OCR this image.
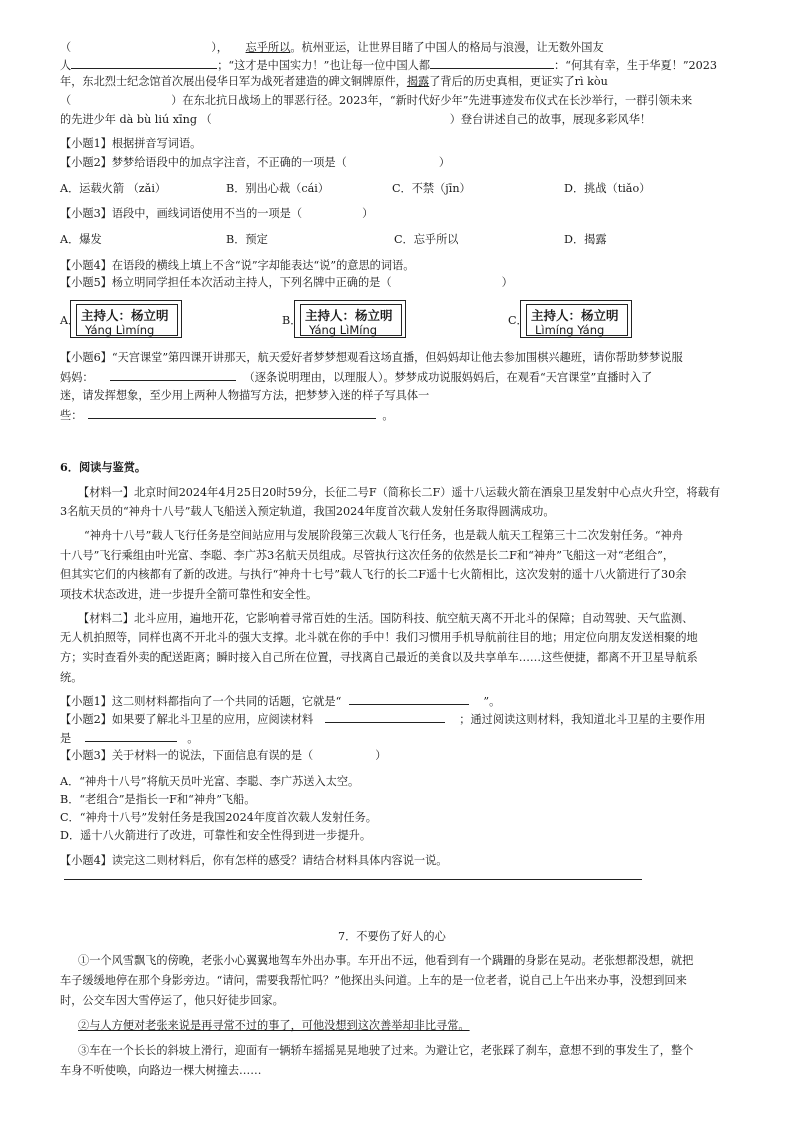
（	）， 忘乎所以。杭州亚运，让世界目睹了中国人的格局与浪漫，让无数外国友
人	；“这才是中国实力！”也让每一位中国人都	：“何其有幸，生于华夏！”2023
年，东北烈士纪念馆首次展出侵华日军为战死者建造的碑文铜牌原件，揭露了背后的历史真相，更证实了rì kòu
（	）在东北抗日战场上的罪恶行径。2023年，“新时代好少年”先进事迹发布仪式在长沙举行，一群引领未来
的先进少年 dà bù liú xīng （	）登台讲述自己的故事，展现多彩风华！
【小题1】根据拼音写词语。
【小题2】梦梦给语段中的加点字注音，不正确的一项是（	）
A．运载火箭 （zǎi）	B．别出心裁（cái）	C．不禁（jīn）	D．挑战（tiǎo）
【小题3】语段中，画线词语使用不当的一项是（	）
A．爆发	B．预定	C．忘乎所以	D．揭露
【小题4】在语段的横线上填上不含“说”字却能表达“说”的意思的词语。
【小题5】杨立明同学担任本次活动主持人，下列名牌中正确的是（	）
A． 主持人：杨立明
Yáng Lìmíng
B． 主持人：杨立明
Yáng LìMíng
C． 主持人：杨立明
Lìmíng Yáng
【小题6】“天宫课堂”第四课开讲那天，航天爱好者梦梦想观看这场直播，但妈妈却让他去参加围棋兴趣班，请你帮助梦梦说服
妈妈：	（逐条说明理由，以理服人）。梦梦成功说服妈妈后，在观看“天宫课堂”直播时入了
迷，请发挥想象，至少用上两种人物描写方法，把梦梦入迷的样子写具体一
些：	。
6．阅读与鉴赏。
【材料一】北京时间2024年4月25日20时59分，长征二号F（简称长二F）遥十八运载火箭在酒泉卫星发射中心点火升空，将载有
3名航天员的“神舟十八号”载人飞船送入预定轨道，我国2024年度首次载人发射任务取得圆满成功。
“神舟十八号”载人飞行任务是空间站应用与发展阶段第三次载人飞行任务，也是载人航天工程第三十二次发射任务。“神舟
十八号”飞行乘组由叶光富、李聪、李广苏3名航天员组成。尽管执行这次任务的依然是长二F和“神舟”飞船这一对“老组合”，
但其实它们的内核都有了新的改进。与执行“神舟十七号”载人飞行的长二F遥十七火箭相比，这次发射的遥十八火箭进行了30余
项技术状态改进，进一步提升全箭可靠性和安全性。
【材料二】北斗应用，遍地开花，它影响着寻常百姓的生活。国防科技、航空航天离不开北斗的保障；自动驾驶、天气监测、
无人机拍照等，同样也离不开北斗的强大支撑。北斗就在你的手中！我们习惯用手机导航前往目的地；用定位向朋友发送相聚的地
方；实时查看外卖的配送距离；瞬时接入自己所在位置，寻找离自己最近的美食以及共享单车……这些便捷，都离不开卫星导航系
统。
【小题1】这二则材料都指向了一个共同的话题，它就是“	”。
【小题2】如果要了解北斗卫星的应用，应阅读材料	；通过阅读这则材料，我知道北斗卫星的主要作用
是	。
【小题3】关于材料一的说法，下面信息有误的是（	）
A．“神舟十八号”将航天员叶光富、李聪、李广苏送入太空。
B．“老组合”是指长一F和“神舟”飞船。
C．“神舟十八号”发射任务是我国2024年度首次载人发射任务。
D．遥十八火箭进行了改进，可靠性和安全性得到进一步提升。
【小题4】读完这二则材料后，你有怎样的感受？请结合材料具体内容说一说。
7．不要伤了好人的心
①一个风雪飘飞的傍晚，老张小心翼翼地驾车外出办事。车开出不远，他看到有一个蹒跚的身影在晃动。老张想都没想，就把
车子缓缓地停在那个身影旁边。“请问，需要我帮忙吗？”他探出头问道。上车的是一位老者，说自己上午出来办事，没想到回来
时，公交车因大雪停运了，他只好徒步回家。
②与人方便对老张来说是再寻常不过的事了，可他没想到这次善举却非比寻常。
③车在一个长长的斜坡上滑行，迎面有一辆轿车摇摇晃晃地驶了过来。为避让它，老张踩了刹车，意想不到的事发生了，整个
车身不听使唤，向路边一棵大树撞去……
